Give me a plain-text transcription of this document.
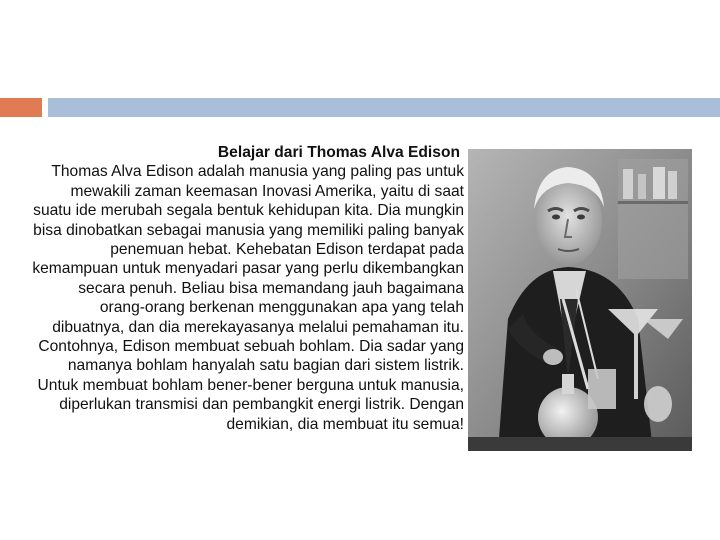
Belajar dari Thomas Alva Edison
Thomas Alva Edison adalah manusia yang paling pas untuk mewakili zaman keemasan Inovasi Amerika, yaitu di saat suatu ide merubah segala bentuk kehidupan kita. Dia mungkin bisa dinobatkan sebagai manusia yang memiliki paling banyak penemuan hebat. Kehebatan Edison terdapat pada kemampuan untuk menyadari pasar yang perlu dikembangkan secara penuh. Beliau bisa memandang jauh bagaimana orang-orang berkenan menggunakan apa yang telah dibuatnya, dan dia merekayasanya melalui pemahaman itu. Contohnya, Edison membuat sebuah bohlam. Dia sadar yang namanya bohlam hanyalah satu bagian dari sistem listrik. Untuk membuat bohlam bener-bener berguna untuk manusia, diperlukan transmisi dan pembangkit energi listrik. Dengan demikian, dia membuat itu semua!
